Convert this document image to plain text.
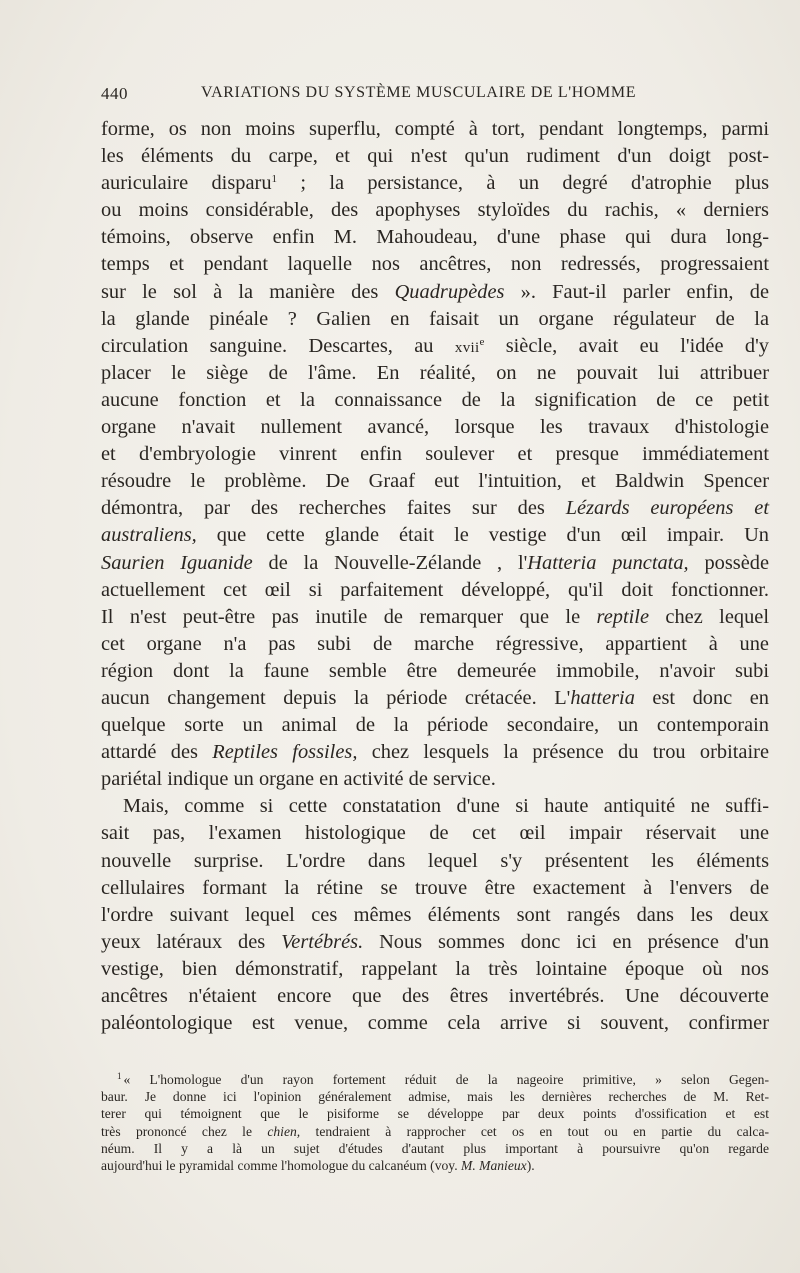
440	VARIATIONS DU SYSTÈME MUSCULAIRE DE L'HOMME
forme, os non moins superflu, compté à tort, pendant longtemps, parmi
les éléments du carpe, et qui n'est qu'un rudiment d'un doigt post-
auriculaire disparu$^1$ ; la persistance, à un degré d'atrophie plus
ou moins considérable, des apophyses styloïdes du rachis, « derniers
témoins, observe enfin M. Mahoudeau, d'une phase qui dura long-
temps et pendant laquelle nos ancêtres, non redressés, progressaient
sur le sol à la manière des Quadrupèdes ». Faut-il parler enfin, de
la glande pinéale ? Galien en faisait un organe régulateur de la
circulation sanguine. Descartes, au xvii$^e$ siècle, avait eu l'idée d'y
placer le siège de l'âme. En réalité, on ne pouvait lui attribuer
aucune fonction et la connaissance de la signification de ce petit
organe n'avait nullement avancé, lorsque les travaux d'histologie
et d'embryologie vinrent enfin soulever et presque immédiatement
résoudre le problème. De Graaf eut l'intuition, et Baldwin Spencer
démontra, par des recherches faites sur des Lézards européens et
australiens, que cette glande était le vestige d'un œil impair. Un
Saurien Iguanide de la Nouvelle-Zélande , l'Hatteria punctata, possède
actuellement cet œil si parfaitement développé, qu'il doit fonctionner.
Il n'est peut-être pas inutile de remarquer que le reptile chez lequel
cet organe n'a pas subi de marche régressive, appartient à une
région dont la faune semble être demeurée immobile, n'avoir subi
aucun changement depuis la période crétacée. L'hatteria est donc en
quelque sorte un animal de la période secondaire, un contemporain
attardé des Reptiles fossiles, chez lesquels la présence du trou orbitaire
pariétal indique un organe en activité de service.
Mais, comme si cette constatation d'une si haute antiquité ne suffi-
sait pas, l'examen histologique de cet œil impair réservait une
nouvelle surprise. L'ordre dans lequel s'y présentent les éléments
cellulaires formant la rétine se trouve être exactement à l'envers de
l'ordre suivant lequel ces mêmes éléments sont rangés dans les deux
yeux latéraux des Vertébrés. Nous sommes donc ici en présence d'un
vestige, bien démonstratif, rappelant la très lointaine époque où nos
ancêtres n'étaient encore que des êtres invertébrés. Une découverte
paléontologique est venue, comme cela arrive si souvent, confirmer
$^1$ « L'homologue d'un rayon fortement réduit de la nageoire primitive, » selon Gegen-
baur. Je donne ici l'opinion généralement admise, mais les dernières recherches de M. Ret-
terer qui témoignent que le pisiforme se développe par deux points d'ossification et est
très prononcé chez le chien, tendraient à rapprocher cet os en tout ou en partie du calca-
néum. Il y a là un sujet d'études d'autant plus important à poursuivre qu'on regarde
aujourd'hui le pyramidal comme l'homologue du calcanéum (voy. M. Manieux).
